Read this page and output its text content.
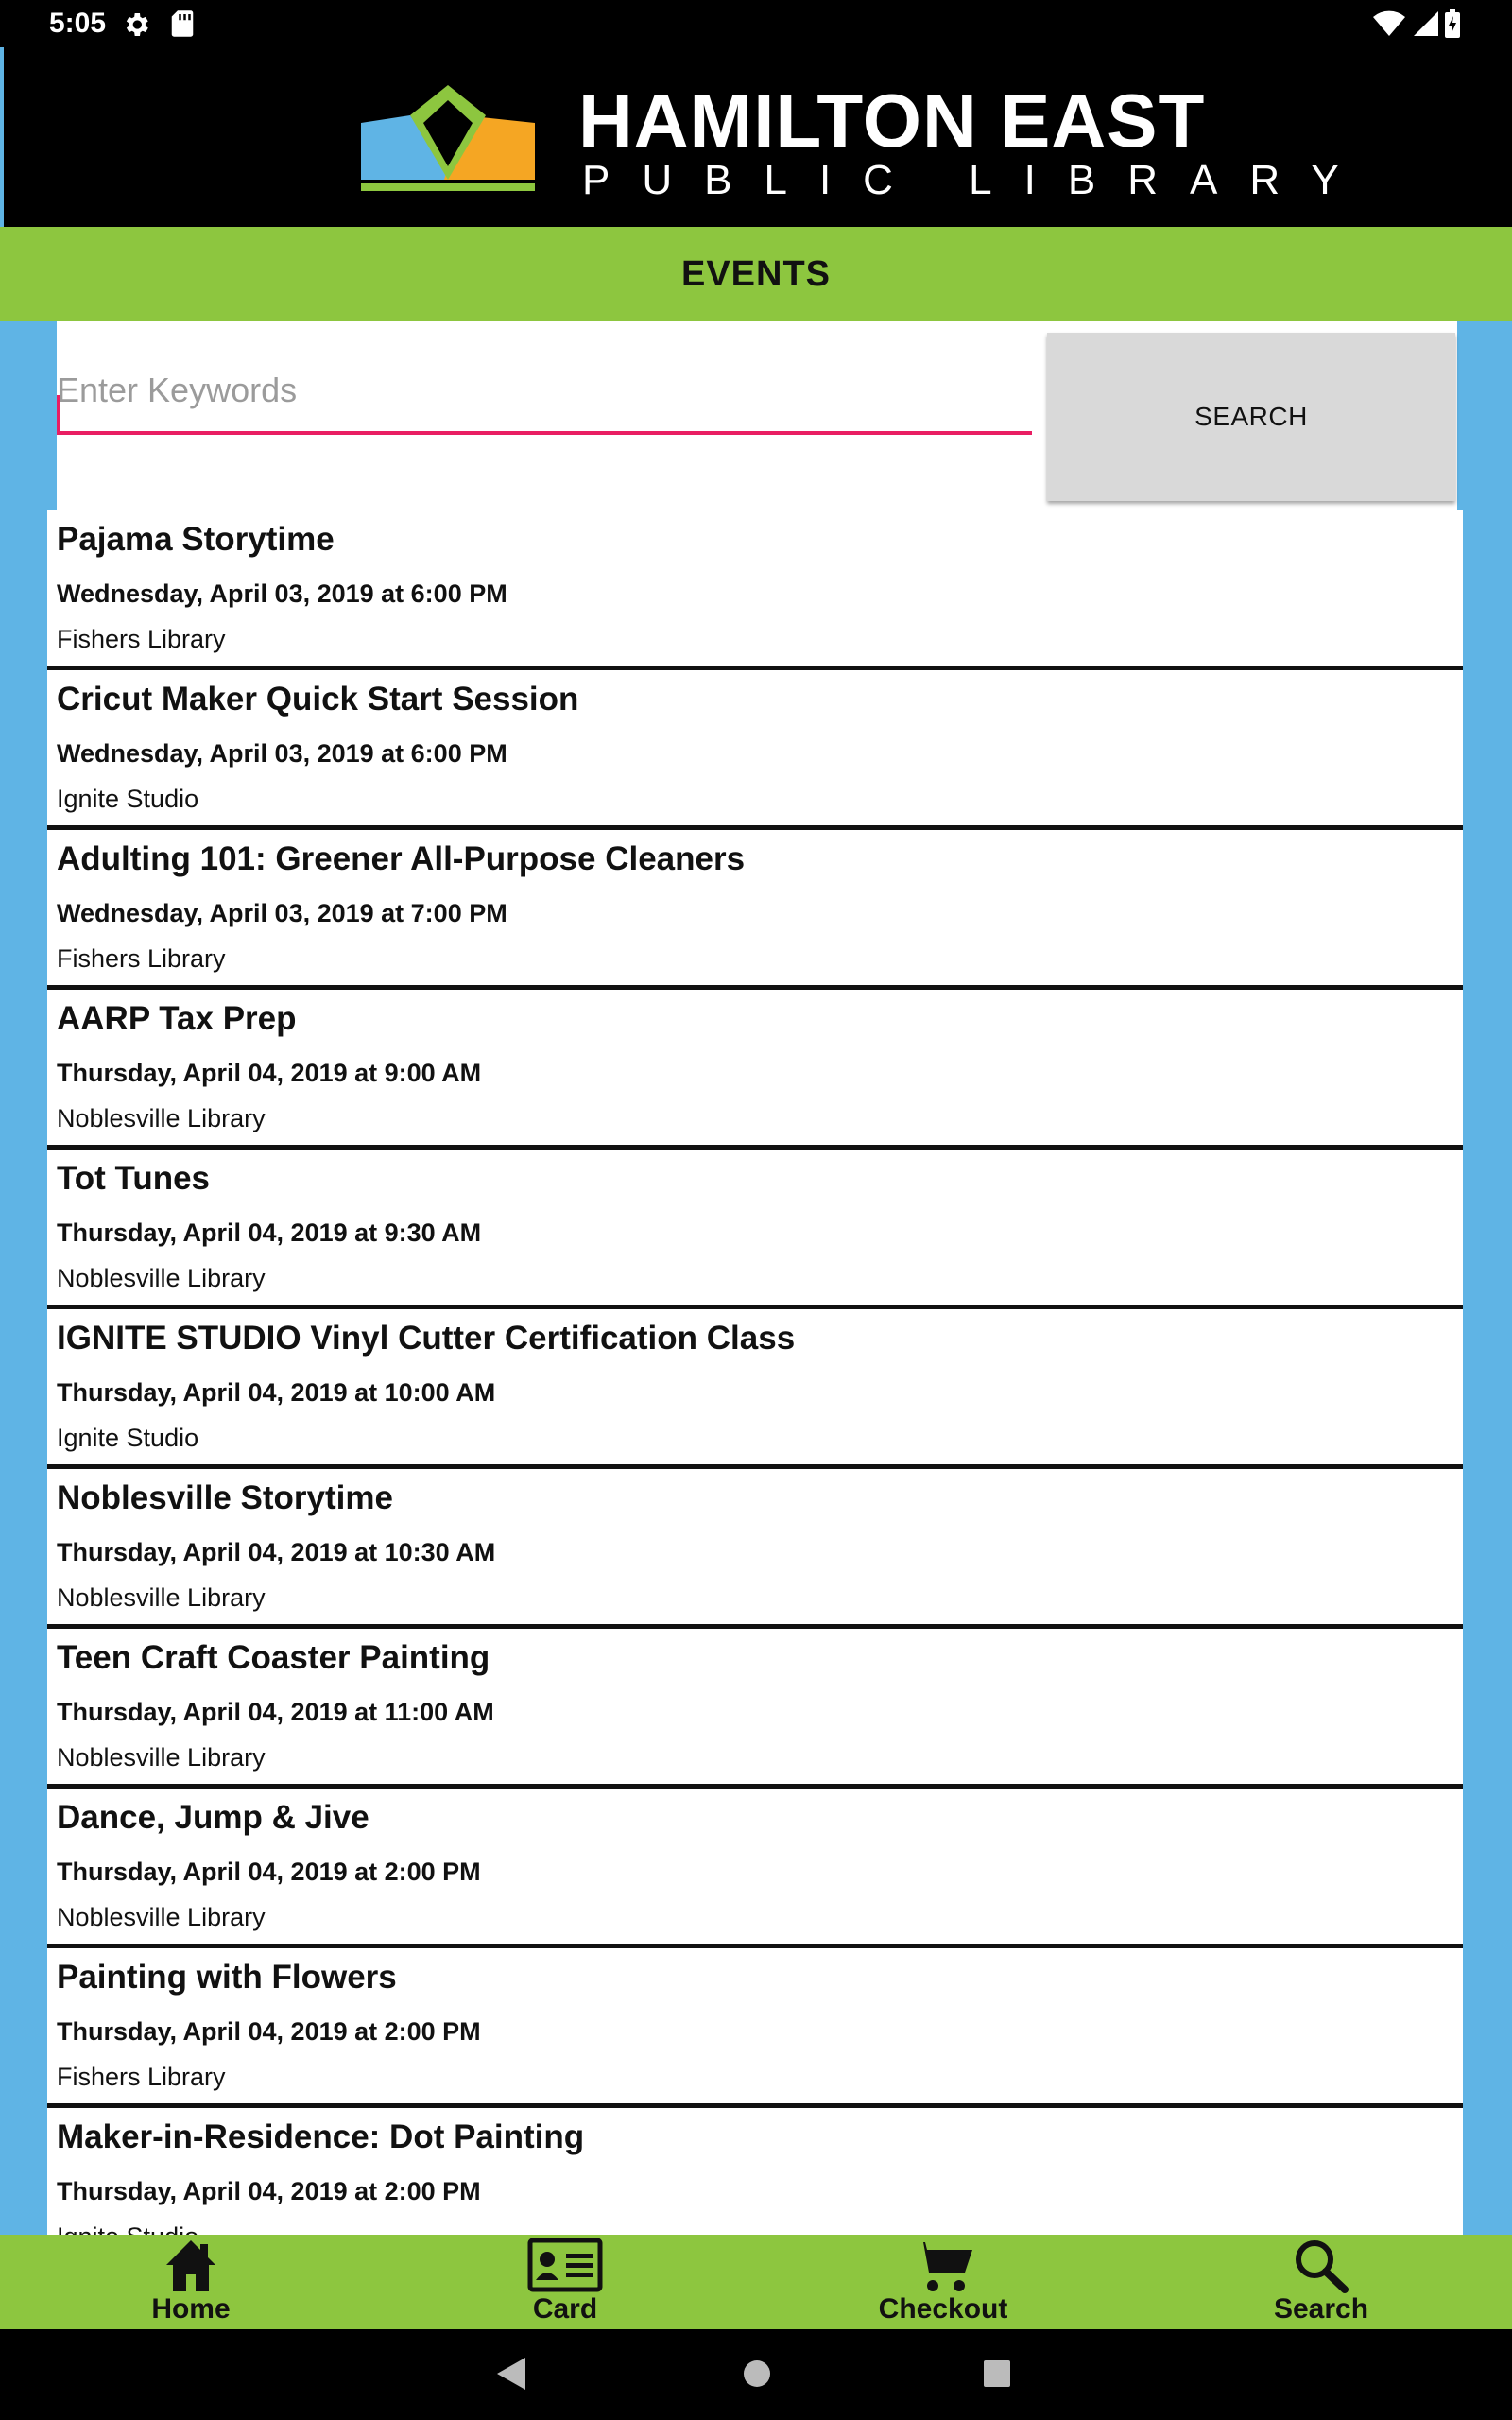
5:05
HAMILTON EAST
PUBLIC LIBRARY
EVENTS
Enter Keywords
SEARCH
Pajama Storytime
Wednesday, April 03, 2019 at 6:00 PM
Fishers Library
Cricut Maker Quick Start Session
Wednesday, April 03, 2019 at 6:00 PM
Ignite Studio
Adulting 101: Greener All-Purpose Cleaners
Wednesday, April 03, 2019 at 7:00 PM
Fishers Library
AARP Tax Prep
Thursday, April 04, 2019 at 9:00 AM
Noblesville Library
Tot Tunes
Thursday, April 04, 2019 at 9:30 AM
Noblesville Library
IGNITE STUDIO Vinyl Cutter Certification Class
Thursday, April 04, 2019 at 10:00 AM
Ignite Studio
Noblesville Storytime
Thursday, April 04, 2019 at 10:30 AM
Noblesville Library
Teen Craft Coaster Painting
Thursday, April 04, 2019 at 11:00 AM
Noblesville Library
Dance, Jump & Jive
Thursday, April 04, 2019 at 2:00 PM
Noblesville Library
Painting with Flowers
Thursday, April 04, 2019 at 2:00 PM
Fishers Library
Maker-in-Residence: Dot Painting
Thursday, April 04, 2019 at 2:00 PM
Home	Card	Checkout	Search
